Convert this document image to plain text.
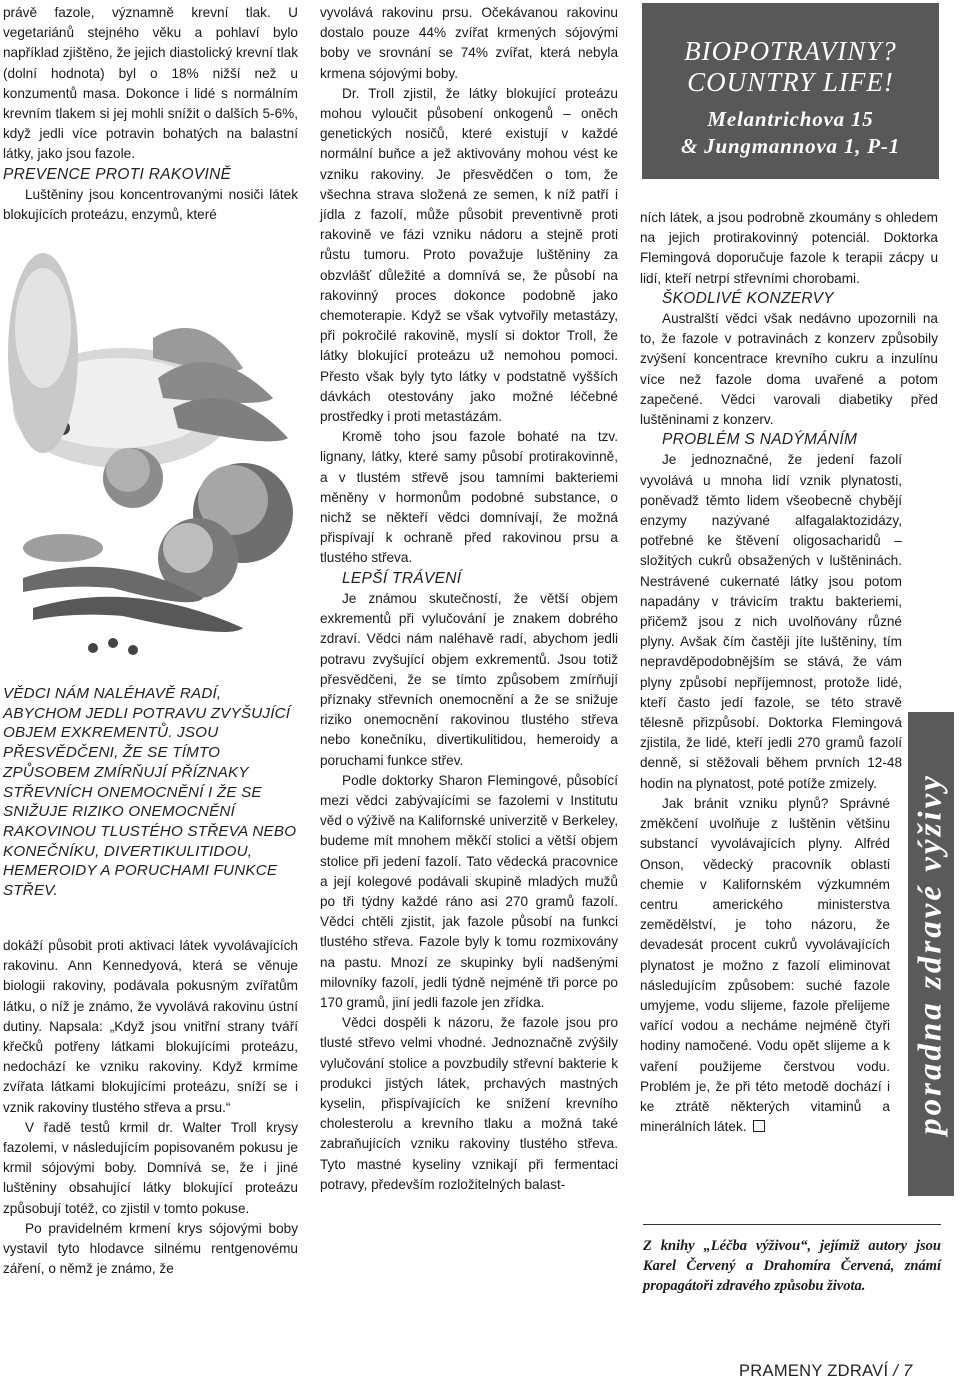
právě fazole, významně krevní tlak. U vegetariánů stejného věku a pohlaví bylo například zjištěno, že jejich diastolický krevní tlak (dolní hodnota) byl o 18% nižší než u konzumentů masa. Dokonce i lidé s normálním krevním tlakem si jej mohli snížit o dalších 5-6%, když jedli více potravin bohatých na balastní látky, jako jsou fazole.

PREVENCE PROTI RAKOVINĚ

Luštěniny jsou koncentrovanými nosiči látek blokujících proteázu, enzymů, které

VĚDCI NÁM NALÉHAVĚ RADÍ, ABYCHOM JEDLI POTRAVU ZVYŠUJÍCÍ OBJEM EXKREMENTŮ. JSOU PŘESVĚDČENI, ŽE SE TÍMTO ZPŮSOBEM ZMÍRŇUJÍ PŘÍZNAKY STŘEVNÍCH ONEMOCNĚNÍ I ŽE SE SNIŽUJE RIZIKO ONEMOCNĚNÍ RAKOVINOU TLUSTÉHO STŘEVA NEBO KONEČNÍKU, DIVERTIKULITIDOU, HEMEROIDY A PORUCHAMI FUNKCE STŘEV.

dokáží působit proti aktivaci látek vyvolávajících rakovinu. Ann Kennedyová, která se věnuje biologii rakoviny, podávala pokusným zvířatům látku, o níž je známo, že vyvolává rakovinu ústní dutiny. Napsala: „Když jsou vnitřní strany tváří křečků potřeny látkami blokujícími proteázu, nedochází ke vzniku rakoviny. Když krmíme zvířata látkami blokujícími proteázu, sníží se i vznik rakoviny tlustého střeva a prsu.“

V řadě testů krmil dr. Walter Troll krysy fazolemi, v následujícím popisovaném pokusu je krmil sójovými boby. Domnívá se, že i jiné luštěniny obsahující látky blokující proteázu způsobují totéž, co zjistil v tomto pokuse.

Po pravidelném krmení krys sójovými boby vystavil tyto hlodavce silnému rentgenovému záření, o němž je známo, že

vyvolává rakovinu prsu. Očekávanou rakovinu dostalo pouze 44% zvířat krmených sójovými boby ve srovnání se 74% zvířat, která nebyla krmena sójovými boby.

Dr. Troll zjistil, že látky blokující proteázu mohou vyloučit působení onkogenů – oněch genetických nosičů, které existují v každé normální buňce a jež aktivovány mohou vést ke vzniku rakoviny. Je přesvědčen o tom, že všechna strava složená ze semen, k níž patří i jídla z fazolí, může působit preventivně proti rakovině ve fázi vzniku nádoru a stejně proti růstu tumoru. Proto považuje luštěniny za obzvlášť důležité a domnívá se, že působí na rakovinný proces dokonce podobně jako chemoterapie. Když se však vytvořily metastázy, při pokročilé rakovině, myslí si doktor Troll, že látky blokující proteázu už nemohou pomoci. Přesto však byly tyto látky v podstatně vyšších dávkách otestovány jako možné léčebné prostředky i proti metastázám.

Kromě toho jsou fazole bohaté na tzv. lignany, látky, které samy působí protirakovinně, a v tlustém střevě jsou tamními bakteriemi měněny v hormonům podobné substance, o nichž se někteří vědci domnívají, že možná přispívají k ochraně před rakovinou prsu a tlustého střeva.

LEPŠÍ TRÁVENÍ

Je známou skutečností, že větší objem exkrementů při vylučování je znakem dobrého zdraví. Vědci nám naléhavě radí, abychom jedli potravu zvyšující objem exkrementů. Jsou totiž přesvědčeni, že se tímto způsobem zmírňují příznaky střevních onemocnění a že se snižuje riziko onemocnění rakovinou tlustého střeva nebo konečníku, divertikulitidou, hemeroidy a poruchami funkce střev.

Podle doktorky Sharon Flemingové, působící mezi vědci zabývajícími se fazolemi v Institutu věd o výživě na Kalifornské univerzitě v Berkeley, budeme mít mnohem měkčí stolici a větší objem stolice při jedení fazolí. Tato vědecká pracovnice a její kolegové podávali skupině mladých mužů po tři týdny každé ráno asi 270 gramů fazolí. Vědci chtěli zjistit, jak fazole působí na funkci tlustého střeva. Fazole byly k tomu rozmixovány na pastu. Mnozí ze skupinky byli nadšenými milovníky fazolí, jedli týdně nejméně tři porce po 170 gramů, jiní jedli fazole jen zřídka.

Vědci dospěli k názoru, že fazole jsou pro tlusté střevo velmi vhodné. Jednoznačně zvýšily vylučování stolice a povzbudily střevní bakterie k produkci jistých látek, prchavých mastných kyselin, přispívajících ke snížení krevního cholesterolu a krevního tlaku a možná také zabraňujících vzniku rakoviny tlustého střeva. Tyto mastné kyseliny vznikají při fermentaci potravy, především rozložitelných balast-

BIOPOTRAVINY?
COUNTRY LIFE!
Melantrichova 15
& Jungmannova 1, P-1

ních látek, a jsou podrobně zkoumány s ohledem na jejich protirakovinný potenciál. Doktorka Flemingová doporučuje fazole k terapii zácpy u lidí, kteří netrpí střevními chorobami.

ŠKODLIVÉ KONZERVY

Australští vědci však nedávno upozornili na to, že fazole v potravinách z konzerv způsobily zvýšení koncentrace krevního cukru a inzulínu více než fazole doma uvařené a potom zapečené. Vědci varovali diabetiky před luštěninami z konzerv.

PROBLÉM S NADÝMÁNÍM

Je jednoznačné, že jedení fazolí vyvolává u mnoha lidí vznik plynatosti, poněvadž těmto lidem všeobecně chybějí enzymy nazývané alfagalaktozidázy, potřebné ke štěvení oligosacharidů – složitých cukrů obsažených v luštěninách. Nestrávené cukernaté látky jsou potom napadány v trávicím traktu bakteriemi, přičemž jsou z nich uvolňovány různé plyny. Avšak čím častěji jíte luštěniny, tím nepravděpodobnějším se stává, že vám plyny způsobí nepříjemnost, protože lidé, kteří často jedí fazole, se této stravě tělesně přizpůsobí. Doktorka Flemingová zjistila, že lidé, kteří jedli 270 gramů fazolí denně, si stěžovali během prvních 12-48 hodin na plynatost, poté potíže zmizely.

Jak bránit vzniku plynů? Správné změkčení uvolňuje z luštěnin většinu substancí vyvolávajících plyny. Alfréd Onson, vědecký pracovník oblasti chemie v Kalifornském výzkumném centru amerického ministerstva zemědělství, je toho názoru, že devadesát procent cukrů vyvolávajících plynatost je možno z fazolí eliminovat následujícím způsobem: suché fazole umyjeme, vodu slijeme, fazole přelijeme vařící vodou a necháme nejméně čtyři hodiny namočené. Vodu opět slijeme a k vaření použijeme čerstvou vodu. Problém je, že při této metodě dochází i ke ztrátě některých vitaminů a minerálních látek.	poradna zdravé výživy
Z knihy „Léčba výživou“, jejímiž autory jsou Karel Červený a Drahomíra Červená, známí propagátoři zdravého způsobu života.
PRAMENY ZDRAVÍ / 7
